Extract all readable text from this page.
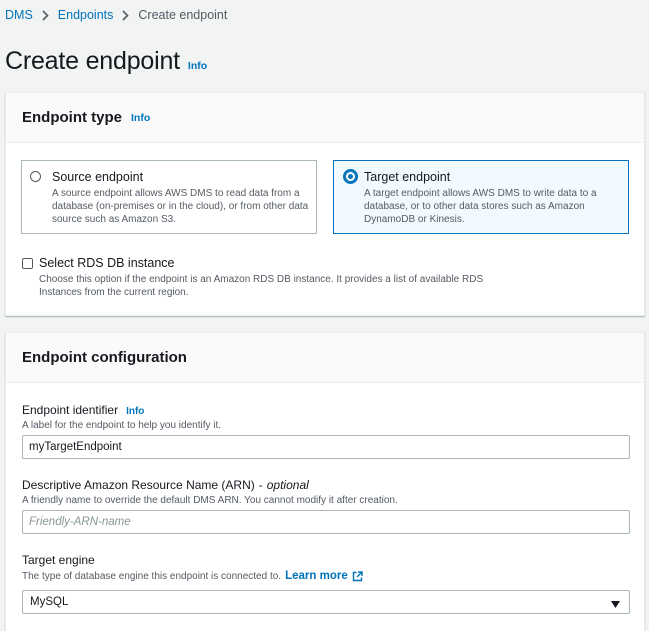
DMS Endpoints Create endpoint
Create endpoint Info
Endpoint type Info
Source endpoint
A source endpoint allows AWS DMS to read data from a database (on-premises or in the cloud), or from other data source such as Amazon S3.
Target endpoint
A target endpoint allows AWS DMS to write data to a database, or to other data stores such as Amazon DynamoDB or Kinesis.
Select RDS DB instance
Choose this option if the endpoint is an Amazon RDS DB instance. It provides a list of available RDS Instances from the current region.
Endpoint configuration
Endpoint identifier Info
A label for the endpoint to help you identify it.
myTargetEndpoint
Descriptive Amazon Resource Name (ARN) - optional
A friendly name to override the default DMS ARN. You cannot modify it after creation.
Friendly-ARN-name
Target engine
The type of database engine this endpoint is connected to. Learn more
MySQL
